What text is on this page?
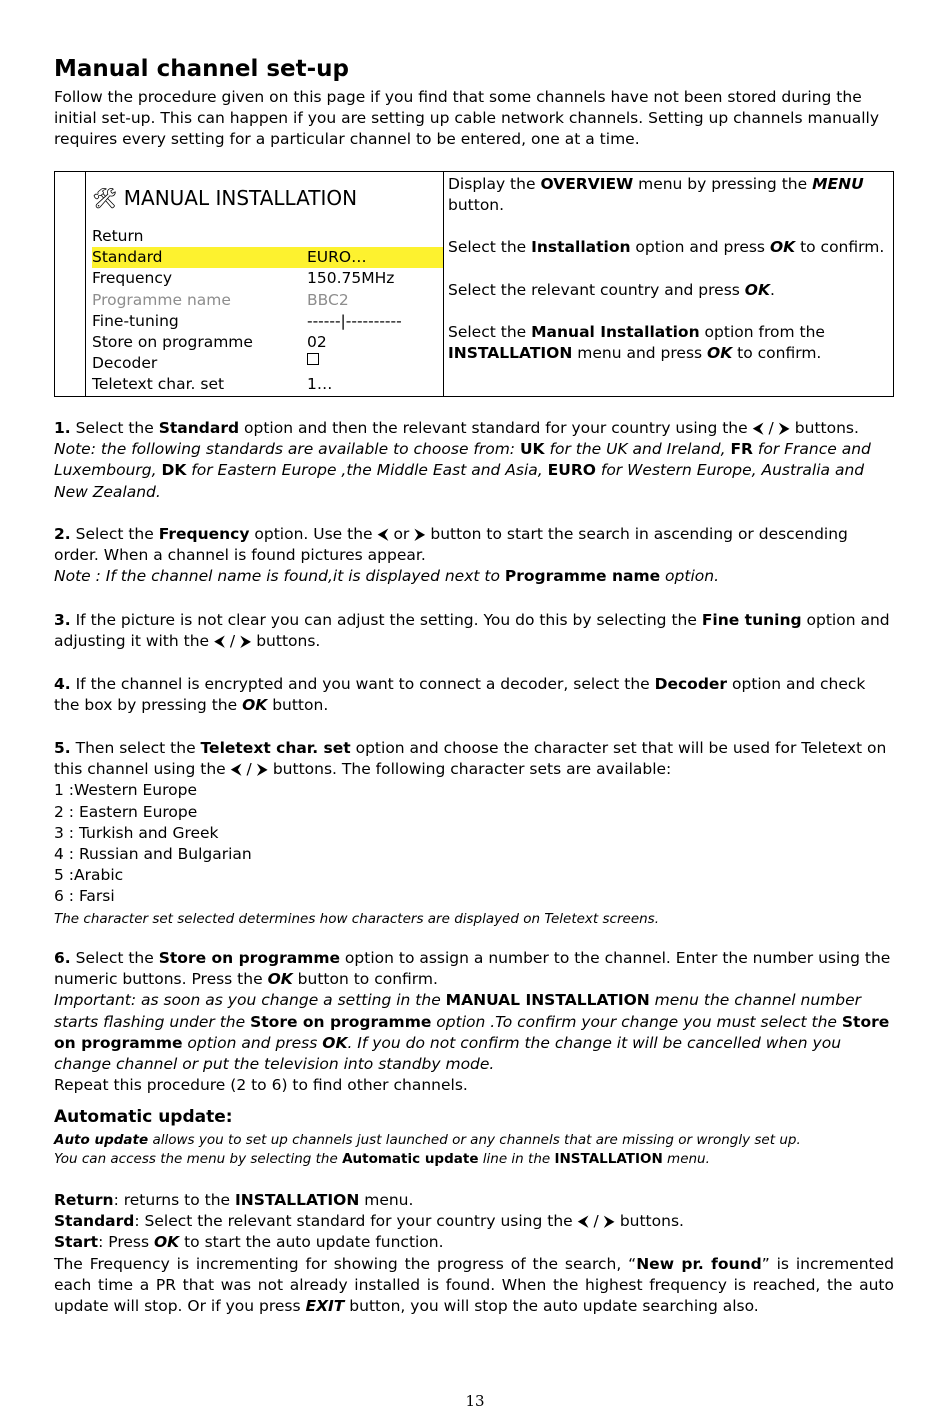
Manual channel set-up

Follow the procedure given on this page if you find that some channels have not been stored during the initial set-up. This can happen if you are setting up cable network channels. Setting up channels manually requires every setting for a particular channel to be entered, one at a time.

🛠 MANUAL INSTALLATION
Return
Standard	EURO…
Frequency	150.75MHz
Programme name	BBC2
Fine-tuning	------|----------
Store on programme	02
Decoder
Teletext char. set	1…

Display the OVERVIEW menu by pressing the MENU button.
Select the Installation option and press OK to confirm.
Select the relevant country and press OK.
Select the Manual Installation option from the INSTALLATION menu and press OK to confirm.
1. Select the Standard option and then the relevant standard for your country using the ⮜ / ⮞ buttons.
Note: the following standards are available to choose from: UK for the UK and Ireland, FR for France and Luxembourg, DK for Eastern Europe ,the Middle East and Asia, EURO for Western Europe, Australia and New Zealand.
2. Select the Frequency option. Use the ⮜ or ⮞ button to start the search in ascending or descending order. When a channel is found pictures appear.
Note : If the channel name is found,it is displayed next to Programme name option.
3. If the picture is not clear you can adjust the setting. You do this by selecting the Fine tuning option and adjusting it with the ⮜ / ⮞ buttons.
4. If the channel is encrypted and you want to connect a decoder, select the Decoder option and check the box by pressing the OK button.
5. Then select the Teletext char. set option and choose the character set that will be used for Teletext on this channel using the ⮜ / ⮞ buttons. The following character sets are available:
1 :Western Europe
2 : Eastern Europe
3 : Turkish and Greek
4 : Russian and Bulgarian
5 :Arabic
6 : Farsi
The character set selected determines how characters are displayed on Teletext screens.
6. Select the Store on programme option to assign a number to the channel. Enter the number using the numeric buttons. Press the OK button to confirm.
Important: as soon as you change a setting in the MANUAL INSTALLATION menu the channel number starts flashing under the Store on programme option .To confirm your change you must select the Store on programme option and press OK. If you do not confirm the change it will be cancelled when you change channel or put the television into standby mode.
Repeat this procedure (2 to 6) to find other channels.
Automatic update:
Auto update allows you to set up channels just launched or any channels that are missing or wrongly set up.
You can access the menu by selecting the Automatic update line in the INSTALLATION menu.
Return: returns to the INSTALLATION menu.
Standard: Select the relevant standard for your country using the ⮜ / ⮞ buttons.
Start: Press OK to start the auto update function.
The Frequency is incrementing for showing the progress of the search, “New pr. found” is incremented each time a PR that was not already installed is found. When the highest frequency is reached, the auto update will stop. Or if you press EXIT button, you will stop the auto update searching also.
13
